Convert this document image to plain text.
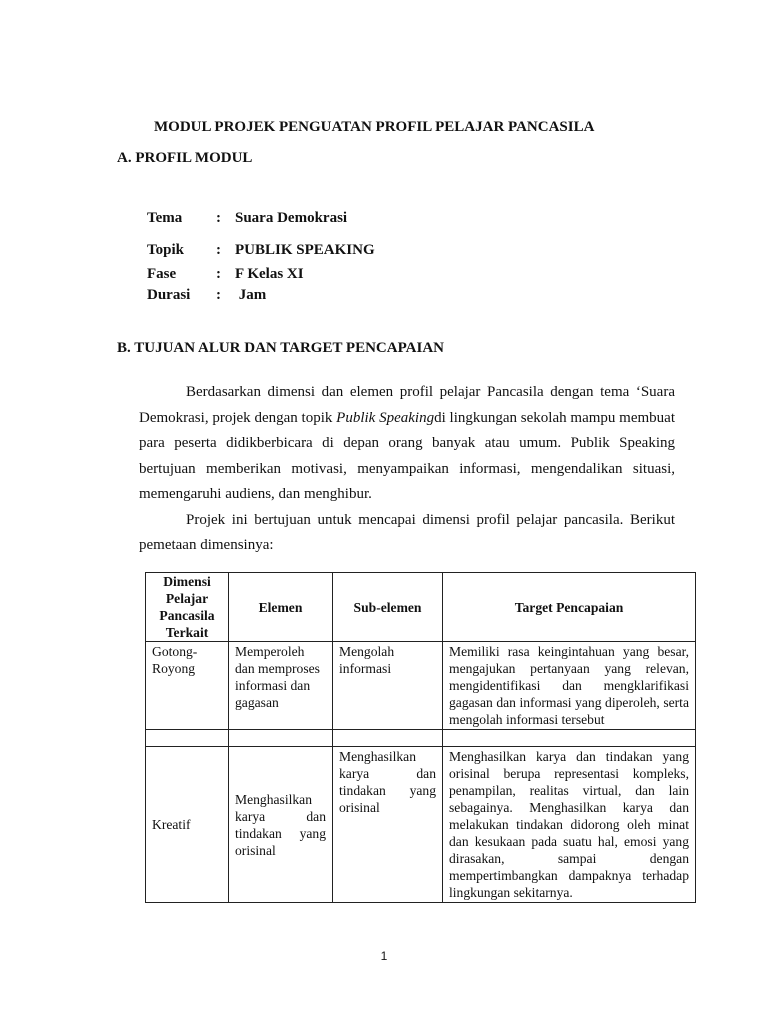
MODUL PROJEK PENGUATAN PROFIL PELAJAR PANCASILA
A. PROFIL MODUL
Tema : Suara Demokrasi
Topik : PUBLIK SPEAKING
Fase	: F Kelas XI
Durasi : Jam
B. TUJUAN ALUR DAN TARGET PENCAPAIAN

Berdasarkan dimensi dan elemen profil pelajar Pancasila dengan tema ‘Suara Demokrasi, projek dengan topik Publik Speakingdi lingkungan sekolah mampu membuat para peserta didikberbicara di depan orang banyak atau umum. Publik Speaking bertujuan memberikan motivasi, menyampaikan informasi, mengendalikan situasi, memengaruhi audiens, dan menghibur.

Projek ini bertujuan untuk mencapai dimensi profil pelajar pancasila. Berikut pemetaan dimensinya:

Dimensi Pelajar Pancasila Terkait	Elemen	Sub-elemen	Target Pencapaian
Gotong-Royong	Memperoleh dan memproses informasi dan gagasan	Mengolah informasi	Memiliki rasa keingintahuan yang besar, mengajukan pertanyaan yang relevan, mengidentifikasi dan mengklarifikasi gagasan dan informasi yang diperoleh, serta mengolah informasi tersebut

Kreatif	Menghasilkan karya dan tindakan yang orisinal	Menghasilkan karya dan tindakan yang orisinal	Menghasilkan karya dan tindakan yang orisinal berupa representasi kompleks, penampilan, realitas virtual, dan lain sebagainya. Menghasilkan karya dan melakukan tindakan didorong oleh minat dan kesukaan pada suatu hal, emosi yang dirasakan, sampai dengan mempertimbangkan dampaknya terhadap lingkungan sekitarnya.
1
